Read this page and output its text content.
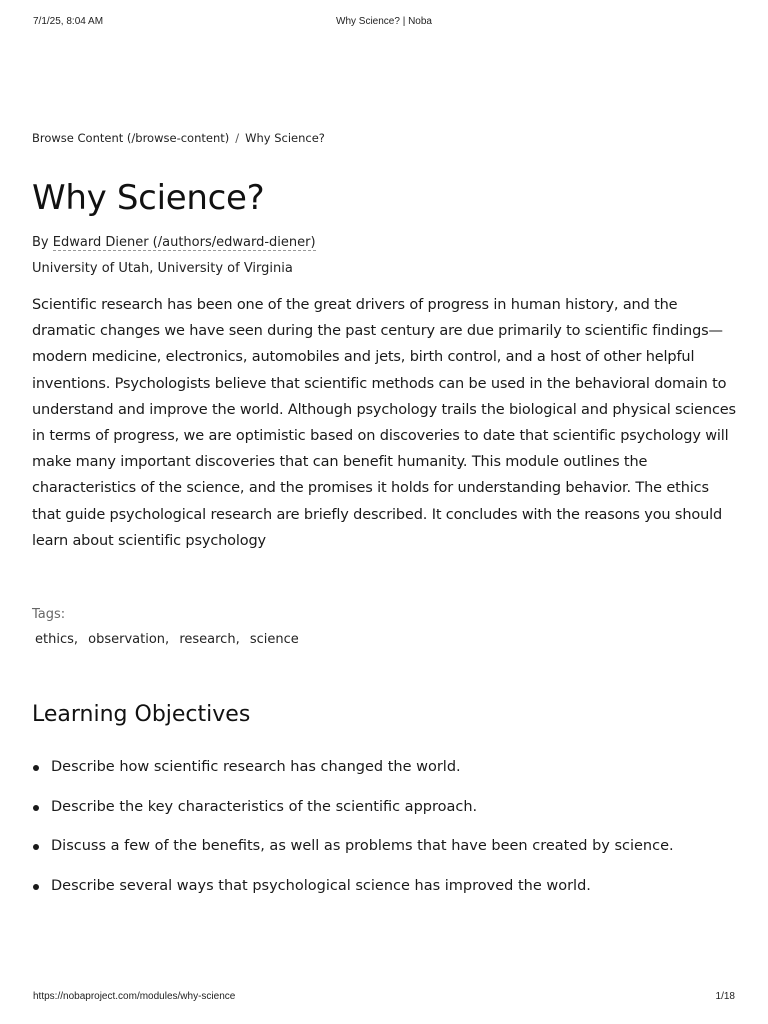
7/1/25, 8:04 AM	Why Science? | Noba
Browse Content (/browse-content) / Why Science?
Why Science?
By Edward Diener (/authors/edward-diener)
University of Utah, University of Virginia

Scientific research has been one of the great drivers of progress in human history, and the dramatic changes we have seen during the past century are due primarily to scientific findings—modern medicine, electronics, automobiles and jets, birth control, and a host of other helpful inventions. Psychologists believe that scientific methods can be used in the behavioral domain to understand and improve the world. Although psychology trails the biological and physical sciences in terms of progress, we are optimistic based on discoveries to date that scientific psychology will make many important discoveries that can benefit humanity. This module outlines the characteristics of the science, and the promises it holds for understanding behavior. The ethics that guide psychological research are briefly described. It concludes with the reasons you should learn about scientific psychology

Tags:
ethics, observation, research, science
Learning Objectives
Describe how scientific research has changed the world.
Describe the key characteristics of the scientific approach.
Discuss a few of the benefits, as well as problems that have been created by science.
Describe several ways that psychological science has improved the world.
https://nobaproject.com/modules/why-science	1/18
